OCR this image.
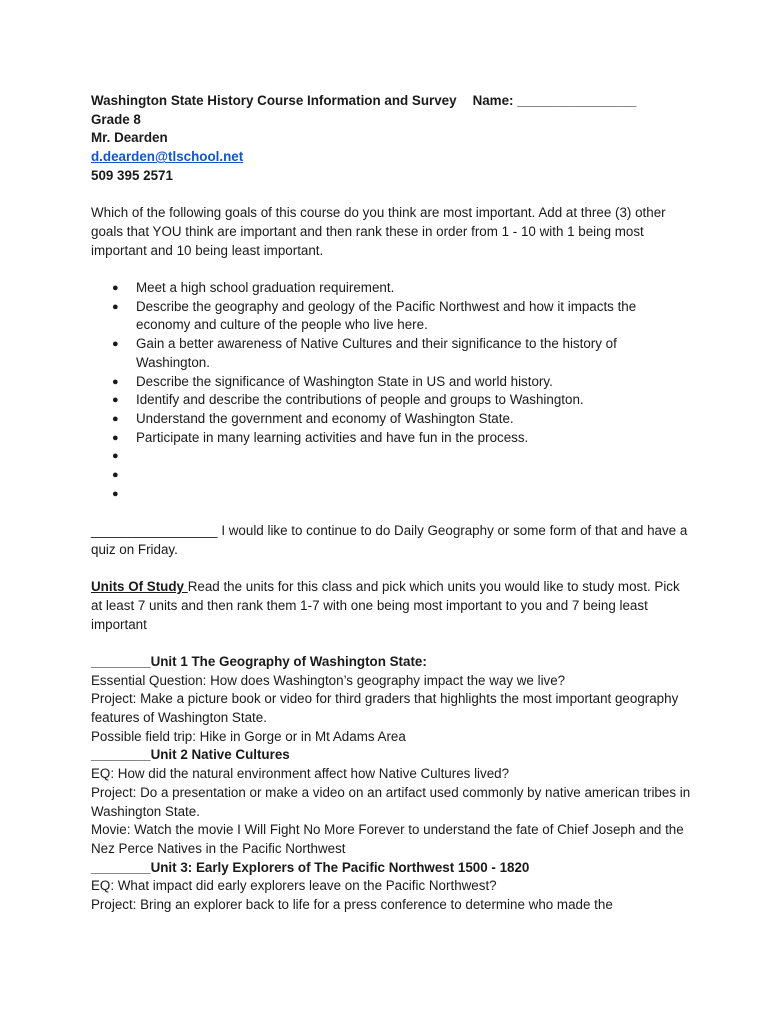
Washington State History Course Information and Survey Name: ________________
Grade 8
Mr. Dearden
d.dearden@tlschool.net
509 395 2571
Which of the following goals of this course do you think are most important. Add at three (3) other goals that YOU think are important and then rank these in order from 1 - 10 with 1 being most important and 10 being least important.
● Meet a high school graduation requirement.
● Describe the geography and geology of the Pacific Northwest and how it impacts the economy and culture of the people who live here.
● Gain a better awareness of Native Cultures and their significance to the history of Washington.
● Describe the significance of Washington State in US and world history.
● Identify and describe the contributions of people and groups to Washington.
● Understand the government and economy of Washington State.
● Participate in many learning activities and have fun in the process.
●
●
●
_________________ I would like to continue to do Daily Geography or some form of that and have a quiz on Friday.
Units Of Study Read the units for this class and pick which units you would like to study most. Pick at least 7 units and then rank them 1-7 with one being most important to you and 7 being least important
________Unit 1 The Geography of Washington State:
Essential Question: How does Washington’s geography impact the way we live?
Project: Make a picture book or video for third graders that highlights the most important geography features of Washington State.
Possible field trip: Hike in Gorge or in Mt Adams Area
________Unit 2 Native Cultures
EQ: How did the natural environment affect how Native Cultures lived?
Project: Do a presentation or make a video on an artifact used commonly by native american tribes in Washington State.
Movie: Watch the movie I Will Fight No More Forever to understand the fate of Chief Joseph and the Nez Perce Natives in the Pacific Northwest
________Unit 3: Early Explorers of The Pacific Northwest 1500 - 1820
EQ: What impact did early explorers leave on the Pacific Northwest?
Project: Bring an explorer back to life for a press conference to determine who made the
